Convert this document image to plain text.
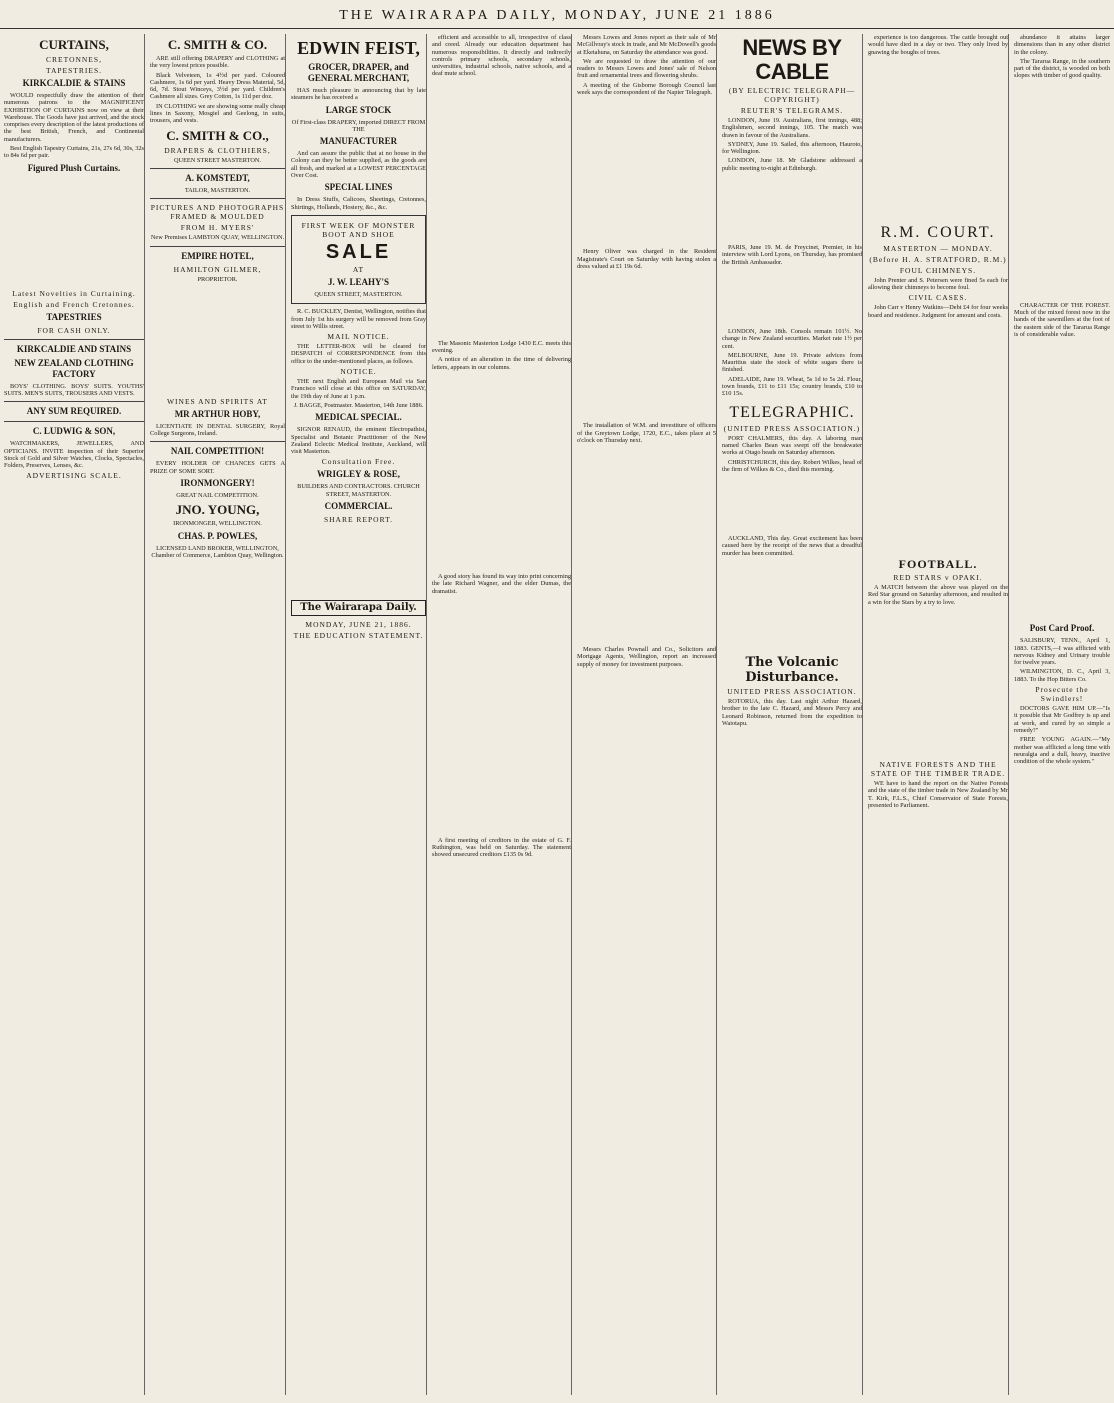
THE WAIRARAPA DAILY, MONDAY, JUNE 21 1886
CURTAINS,
CRETONNES,
TAPESTRIES.
KIRKCALDIE & STAINS

WOULD respectfully draw the attention of their numerous patrons to the MAGNIFICENT EXHIBITION OF CURTAINS now on view at their Warehouse. The Goods have just arrived, and the stock comprises every description of the latest productions of the best British, French, and Continental manufacturers.

Best English Tapestry Curtains, 21s, 27s 6d, 30s, 32s to 84s 6d per pair.

Figured Plush Curtains.
Latest Novelties in Curtaining.
English and French Cretonnes.
TAPESTRIES
FOR CASH ONLY.
KIRKCALDIE AND STAINS
NEW ZEALAND CLOTHING FACTORY

BOYS' CLOTHING. BOYS' SUITS. YOUTHS' SUITS. MEN'S SUITS, TROUSERS AND VESTS.

ANY SUM REQUIRED.
C. LUDWIG & SON,

WATCHMAKERS, JEWELLERS, AND OPTICIANS. INVITE inspection of their Superior Stock of Gold and Silver Watches, Clocks, Spectacles, Folders, Preserves, Lenses, &c.

ADVERTISING SCALE.
C. SMITH & CO.

ARE still offering DRAPERY and CLOTHING at the very lowest prices possible.

Black Velveteen, 1s 4½d per yard. Coloured Cashmere, 1s 6d per yard. Heavy Dress Material, 5d, 6d, 7d. Stout Winceys, 3½d per yard. Children's Cashmere all sizes. Grey Cotton, 1s 11d per doz.

IN CLOTHING we are showing some really cheap lines in Saxony, Mosgiel and Geelong, in suits, trousers, and vests.

C. SMITH & CO.,
DRAPERS & CLOTHIERS,

QUEEN STREET MASTERTON.

A. KOMSTEDT,

TAILOR, MASTERTON.

PICTURES AND PHOTOGRAPHS FRAMED & MOULDED
FROM H. MYERS'

New Premises LAMBTON QUAY, WELLINGTON.

EMPIRE HOTEL,
HAMILTON GILMER,

PROPRIETOR.

WINES AND SPIRITS AT
MR ARTHUR HOBY,

LICENTIATE IN DENTAL SURGERY, Royal College Surgeons, Ireland.

NAIL COMPETITION!

EVERY HOLDER OF CHANCES GETS A PRIZE OF SOME SORT.

IRONMONGERY!

GREAT NAIL COMPETITION.

JNO. YOUNG,

IRONMONGER, WELLINGTON.

CHAS. P. POWLES,

LICENSED LAND BROKER, WELLINGTON, Chamber of Commerce, Lambton Quay, Wellington.

EDWIN FEIST,
GROCER, DRAPER, and GENERAL MERCHANT,

HAS much pleasure in announcing that by late steamers he has received a

LARGE STOCK

Of First-class DRAPERY, imported DIRECT FROM THE

MANUFACTURER

And can assure the public that at no house in the Colony can they be better supplied, as the goods are all fresh, and marked at a LOWEST PERCENTAGE Over Cost.

SPECIAL LINES

In Dress Stuffs, Calicoes, Sheetings, Cretonnes, Shirtings, Hollands, Hosiery, &c., &c.

FIRST WEEK OF MONSTER BOOT AND SHOE
SALE
AT
J. W. LEAHY'S

QUEEN STREET, MASTERTON.

R. C. BUCKLEY, Dentist, Wellington, notifies that from July 1st his surgery will be removed from Gray street to Willis street.

MAIL NOTICE.

THE LETTER-BOX will be cleared for DESPATCH of CORRESPONDENCE from this office to the under-mentioned places, as follows.

NOTICE.

THE next English and European Mail via San Francisco will close at this office on SATURDAY, the 19th day of June at 1 p.m.

J. BAGGE, Postmaster. Masterton, 14th June 1886.

MEDICAL SPECIAL.

SIGNOR RENAUD, the eminent Electropathist, Specialist and Botanic Practitioner of the New Zealand Eclectic Medical Institute, Auckland, will visit Masterton.

Consultation Free.
WRIGLEY & ROSE,

BUILDERS AND CONTRACTORS. CHURCH STREET, MASTERTON.

COMMERCIAL.
SHARE REPORT.
The Wairarapa Daily.
MONDAY, JUNE 21, 1886.
THE EDUCATION STATEMENT.

efficient and accessible to all, irrespective of class and creed. Already our education department has numerous responsibilities. It directly and indirectly controls primary schools, secondary schools, universities, industrial schools, native schools, and a deaf mute school.

The Masonic Masterton Lodge 1430 E.C. meets this evening.

A notice of an alteration in the time of delivering letters, appears in our columns.

A good story has found its way into print concerning the late Richard Wagner, and the elder Dumas, the dramatist.

A first meeting of creditors in the estate of G. F. Ruthington, was held on Saturday. The statement showed unsecured creditors £135 0s 9d.

Messrs Lowes and Jones report as their sale of Mr McGillvray's stock in trade, and Mr McDowell's goods at Eketahuna, on Saturday the attendance was good.

We are requested to draw the attention of our readers to Messrs Lowes and Jones' sale of Nelson fruit and ornamental trees and flowering shrubs.

A meeting of the Gisborne Borough Council last week says the correspondent of the Napier Telegraph.

Henry Oliver was charged in the Resident Magistrate's Court on Saturday with having stolen a dress valued at £1 19s 6d.

The installation of W.M. and investiture of officers of the Greytown Lodge, 1720, E.C., takes place at 5 o'clock on Thursday next.

Messrs Charles Pownall and Co., Solicitors and Mortgage Agents, Wellington, report an increased supply of money for investment purposes.

NEWS BY CABLE
(BY ELECTRIC TELEGRAPH—COPYRIGHT)
REUTER'S TELEGRAMS.

LONDON, June 19. Australians, first innings, 488; Englishmen, second innings, 105. The match was drawn in favour of the Australians.

SYDNEY, June 19. Sailed, this afternoon, Hauroto, for Wellington.

LONDON, June 18. Mr Gladstone addressed a public meeting to-night at Edinburgh.

PARIS, June 19. M. de Freycinet, Premier, in his interview with Lord Lyons, on Thursday, has promised the British Ambassador.

LONDON, June 18th. Consols remain 101½. No change in New Zealand securities. Market rate 1½ per cent.

MELBOURNE, June 19. Private advices from Mauritius state the stock of white sugars there is finished.

ADELAIDE, June 19. Wheat, 5s 1d to 5s 2d. Flour, town brands, £11 to £11 15s; country brands, £10 to £10 15s.

TELEGRAPHIC.
(UNITED PRESS ASSOCIATION.)

PORT CHALMERS, this day. A laboring man named Charles Bean was swept off the breakwater works at Otago heads on Saturday afternoon.

CHRISTCHURCH, this day. Robert Wilkes, head of the firm of Wilkes & Co., died this morning.

AUCKLAND, This day. Great excitement has been caused here by the receipt of the news that a dreadful murder has been committed.

The Volcanic Disturbance.
UNITED PRESS ASSOCIATION.

ROTORUA, this day. Last night Arthur Hazard, brother to the late C. Hazard, and Messrs Percy and Leonard Robinson, returned from the expedition to Waiotapu.

experience is too dangerous. The cattle brought out would have died in a day or two. They only lived by gnawing the boughs of trees.

R.M. COURT.
MASTERTON — MONDAY.
(Before H. A. STRATFORD, R.M.)
FOUL CHIMNEYS.

John Prenter and S. Petersen were fined 5s each for allowing their chimneys to become foul.

CIVIL CASES.

John Carr v Henry Watkins—Debt £4 for four weeks board and residence. Judgment for amount and costs.

FOOTBALL.
RED STARS v OPAKI.

A MATCH between the above was played on the Red Star ground on Saturday afternoon, and resulted in a win for the Stars by a try to love.

NATIVE FORESTS AND THE STATE OF THE TIMBER TRADE.

WE have to hand the report on the Native Forests and the state of the timber trade in New Zealand by Mr T. Kirk, F.L.S., Chief Conservator of State Forests, presented to Parliament.

abundance it attains larger dimensions than in any other district in the colony.

The Tararua Range, in the southern part of the district, is wooded on both slopes with timber of good quality.

CHARACTER OF THE FOREST. Much of the mixed forest now in the hands of the sawmillers at the foot of the eastern side of the Tararua Range is of considerable value.

Post Card Proof.

SALISBURY, TENN., April 1, 1883. GENTS,—I was afflicted with nervous Kidney and Urinary trouble for twelve years.

WILMINGTON, D. C., April 3, 1883. To the Hop Bitters Co.

Prosecute the Swindlers!

DOCTORS GAVE HIM UP.—"Is it possible that Mr Godfrey is up and at work, and cured by so simple a remedy?"

FREE YOUNG AGAIN.—"My mother was afflicted a long time with neuralgia and a dull, heavy, inactive condition of the whole system."
